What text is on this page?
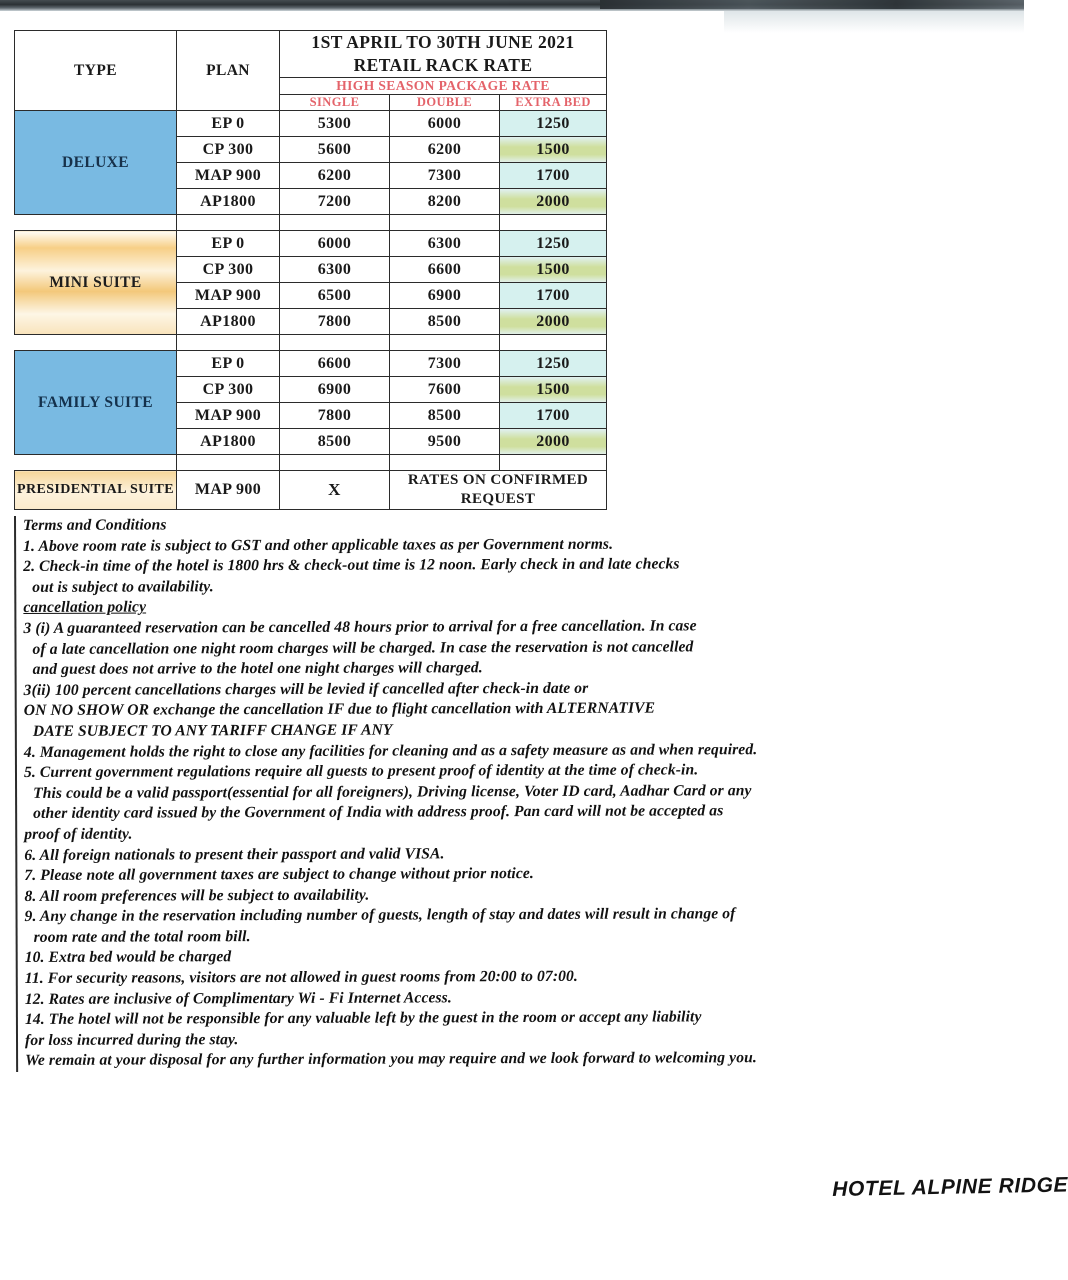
TYPE	PLAN	1ST APRIL TO 30TH JUNE 2021
RETAIL RACK RATE		
		HIGH SEASON PACKAGE RATE		
		SINGLE	DOUBLE	EXTRA BED
DELUXE	EP 0	5300	6000	1250
	CP 300	5600	6200	1500
	MAP 900	6200	7300	1700
	AP1800	7200	8200	2000

MINI SUITE	EP 0	6000	6300	1250
	CP 300	6300	6600	1500
	MAP 900	6500	6900	1700
	AP1800	7800	8500	2000

FAMILY SUITE	EP 0	6600	7300	1250
	CP 300	6900	7600	1500
	MAP 900	7800	8500	1700
	AP1800	8500	9500	2000

PRESIDENTIAL SUITE	MAP 900	X	RATES ON CONFIRMED
REQUEST	
Terms and Conditions
1. Above room rate is subject to GST and other applicable taxes as per Government norms.
2. Check-in time of the hotel is 1800 hrs & check-out time is 12 noon. Early check in and late checks
out is subject to availability.
cancellation policy
3 (i) A guaranteed reservation can be cancelled 48 hours prior to arrival for a free cancellation. In case
of a late cancellation one night room charges will be charged. In case the reservation is not cancelled
and guest does not arrive to the hotel one night charges will charged.
3(ii) 100 percent cancellations charges will be levied if cancelled after check-in date or
ON NO SHOW OR exchange the cancellation IF due to flight cancellation with ALTERNATIVE
DATE SUBJECT TO ANY TARIFF CHANGE IF ANY
4. Management holds the right to close any facilities for cleaning and as a safety measure as and when required.
5. Current government regulations require all guests to present proof of identity at the time of check-in.
This could be a valid passport(essential for all foreigners), Driving license, Voter ID card, Aadhar Card or any
other identity card issued by the Government of India with address proof. Pan card will not be accepted as
proof of identity.
6. All foreign nationals to present their passport and valid VISA.
7. Please note all government taxes are subject to change without prior notice.
8. All room preferences will be subject to availability.
9. Any change in the reservation including number of guests, length of stay and dates will result in change of
room rate and the total room bill.
10. Extra bed would be charged
11. For security reasons, visitors are not allowed in guest rooms from 20:00 to 07:00.
12. Rates are inclusive of Complimentary Wi - Fi Internet Access.
14. The hotel will not be responsible for any valuable left by the guest in the room or accept any liability
for loss incurred during the stay.
We remain at your disposal for any further information you may require and we look forward to welcoming you.
HOTEL ALPINE RIDGE
